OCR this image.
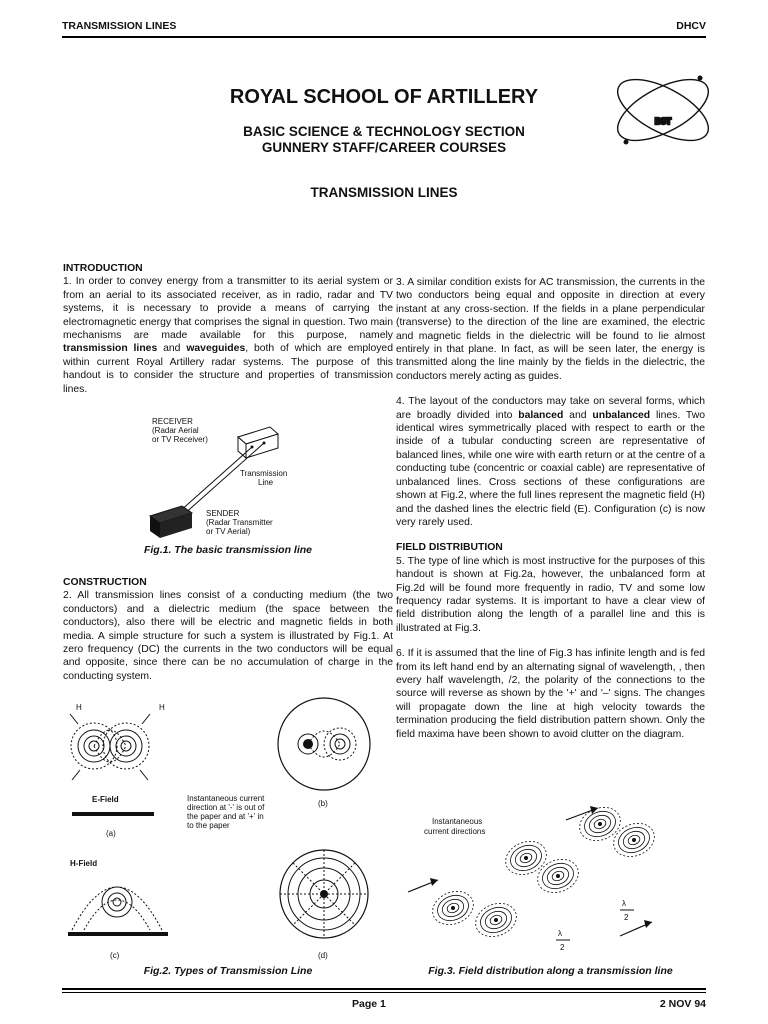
TRANSMISSION LINES	DHCV
ROYAL SCHOOL OF ARTILLERY
BASIC SCIENCE & TECHNOLOGY SECTION
GUNNERY STAFF/CAREER COURSES
TRANSMISSION LINES
BST
INTRODUCTION

1. In order to convey energy from a transmitter to its aerial system or from an aerial to its associated receiver, as in radio, radar and TV systems, it is necessary to provide a means of carrying the electromagnetic energy that comprises the signal in question. Two main mechanisms are made available for this purpose, namely transmission lines and waveguides, both of which are employed within current Royal Artillery radar systems. The purpose of this handout is to consider the structure and properties of transmission lines.

RECEIVER
(Radar Aerial
or TV Receiver)
Transmission
Line
SENDER
(Radar Transmitter
or TV Aerial)
Fig.1. The basic transmission line
CONSTRUCTION

2. All transmission lines consist of a conducting medium (the two conductors) and a dielectric medium (the space between the conductors), also there will be electric and magnetic fields in both media. A simple structure for such a system is illustrated by Fig.1. At zero frequency (DC) the currents in the two conductors will be equal and opposite, since there can be no accumulation of charge in the conducting system.

H	H
E-Field
(a)
(b)
Instantaneous current
direction at '-' is out of
the paper and at '+' in
to the paper
H-Field
(c)	(d)
Fig.2. Types of Transmission Line

3. A similar condition exists for AC transmission, the currents in the two conductors being equal and opposite in direction at every instant at any cross-section. If the fields in a plane perpendicular (transverse) to the direction of the line are examined, the electric and magnetic fields in the dielectric will be found to lie almost entirely in that plane. In fact, as will be seen later, the energy is transmitted along the line mainly by the fields in the dielectric, the conductors merely acting as guides.

4. The layout of the conductors may take on several forms, which are broadly divided into balanced and unbalanced lines. Two identical wires symmetrically placed with respect to earth or the inside of a tubular conducting screen are representative of balanced lines, while one wire with earth return or at the centre of a conducting tube (concentric or coaxial cable) are representative of unbalanced lines. Cross sections of these configurations are shown at Fig.2, where the full lines represent the magnetic field (H) and the dashed lines the electric field (E). Configuration (c) is now very rarely used.

FIELD DISTRIBUTION

5. The type of line which is most instructive for the purposes of this handout is shown at Fig.2a, however, the unbalanced form at Fig.2d will be found more frequently in radio, TV and some low frequency radar systems. It is important to have a clear view of field distribution along the length of a parallel line and this is illustrated at Fig.3.

6. If it is assumed that the line of Fig.3 has infinite length and is fed from its left hand end by an alternating signal of wavelength, , then every half wavelength, /2, the polarity of the connections to the source will reverse as shown by the '+' and '–' signs. The changes will propagate down the line at high velocity towards the termination producing the field distribution pattern shown. Only the field maxima have been shown to avoid clutter on the diagram.

Instantaneous
current directions
λ
2
λ
2
Fig.3. Field distribution along a transmission line
Page 1	2 NOV 94
